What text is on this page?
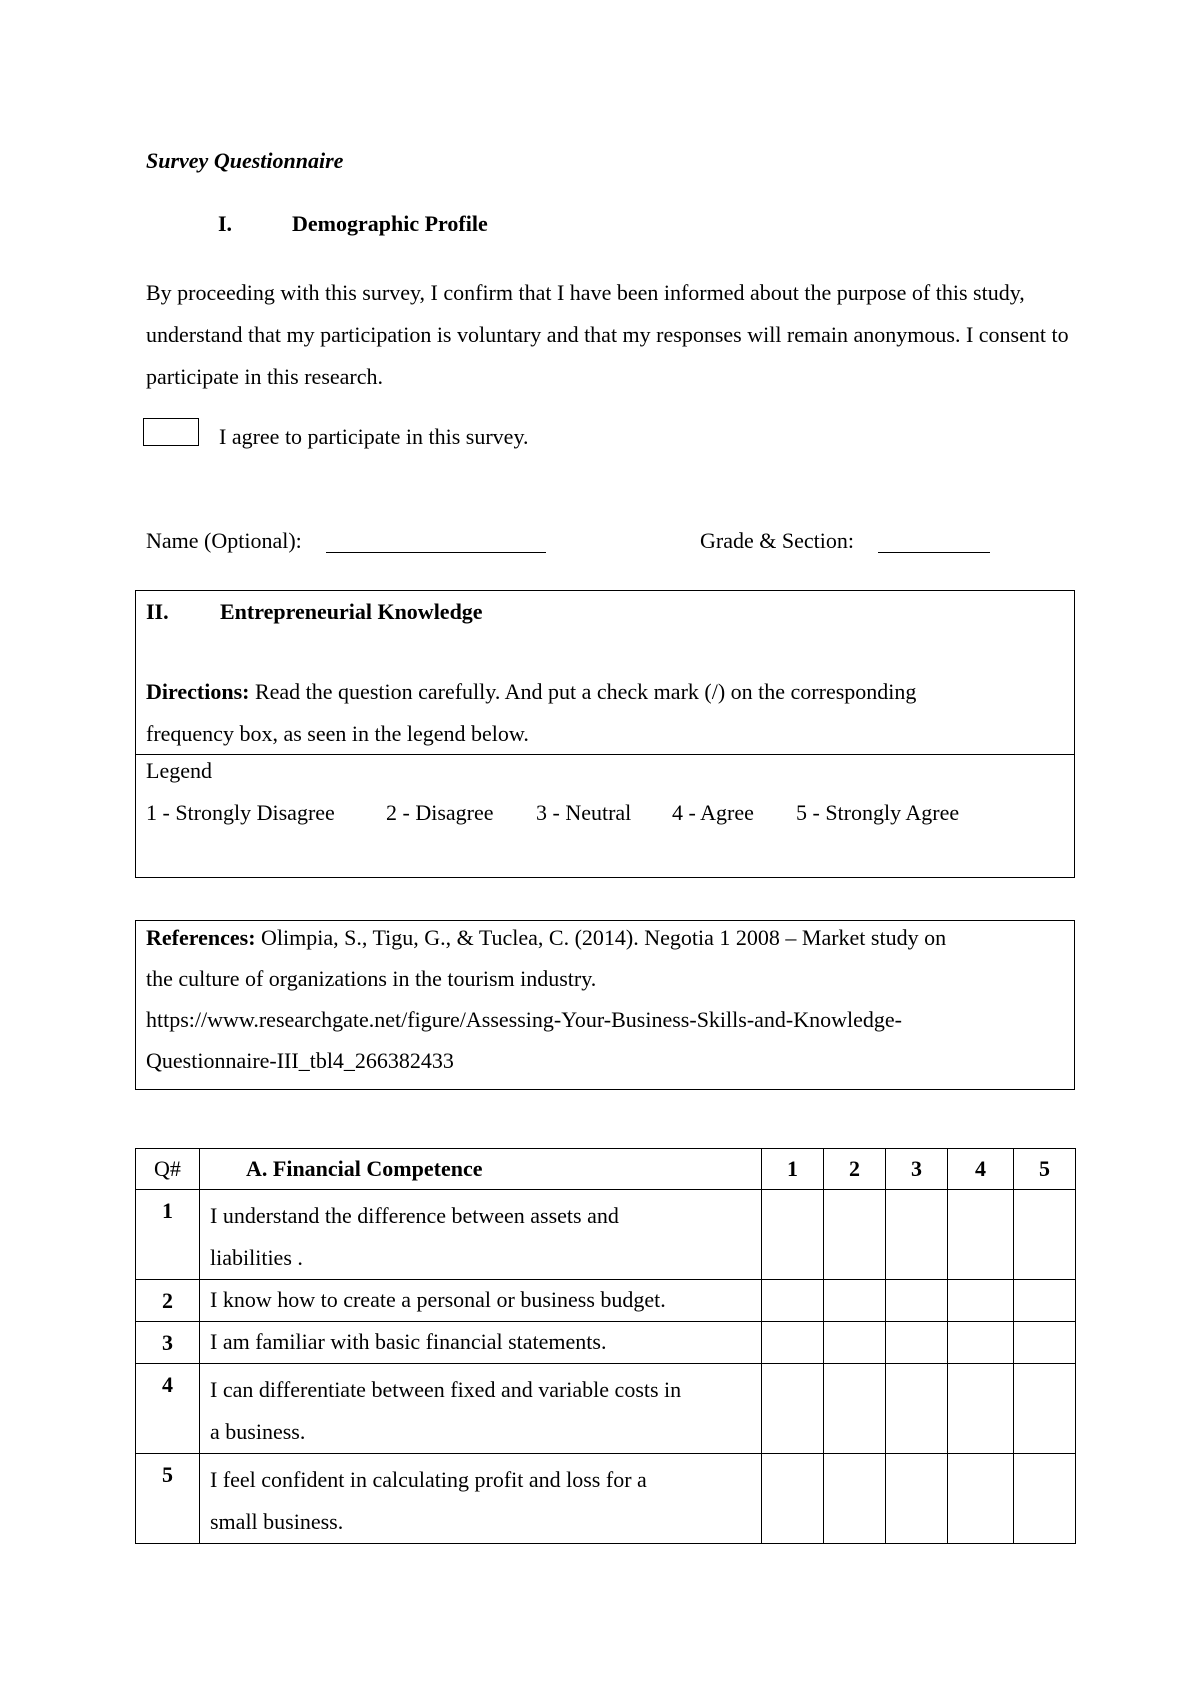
Survey Questionnaire
I.	Demographic Profile
By proceeding with this survey, I confirm that I have been informed about the purpose of this study, understand that my participation is voluntary and that my responses will remain anonymous. I consent to participate in this research.
I agree to participate in this survey.
Name (Optional):	Grade & Section:
II. Entrepreneurial Knowledge
Directions: Read the question carefully. And put a check mark (/) on the corresponding
frequency box, as seen in the legend below.
Legend
1 - Strongly Disagree 2 - Disagree 3 - Neutral 4 - Agree 5 - Strongly Agree
References: Olimpia, S., Tigu, G., & Tuclea, C. (2014). Negotia 1 2008 – Market study on
the culture of organizations in the tourism industry.
https://www.researchgate.net/figure/Assessing-Your-Business-Skills-and-Knowledge-
Questionnaire-III_tbl4_266382433
Q#	A. Financial Competence	1	2	3	4	5
1	I understand the difference between assets and
liabilities .					

2	I know how to create a personal or business budget.					

3	I am familiar with basic financial statements.					

4	I can differentiate between fixed and variable costs in
a business.					

5	I feel confident in calculating profit and loss for a
small business.					
